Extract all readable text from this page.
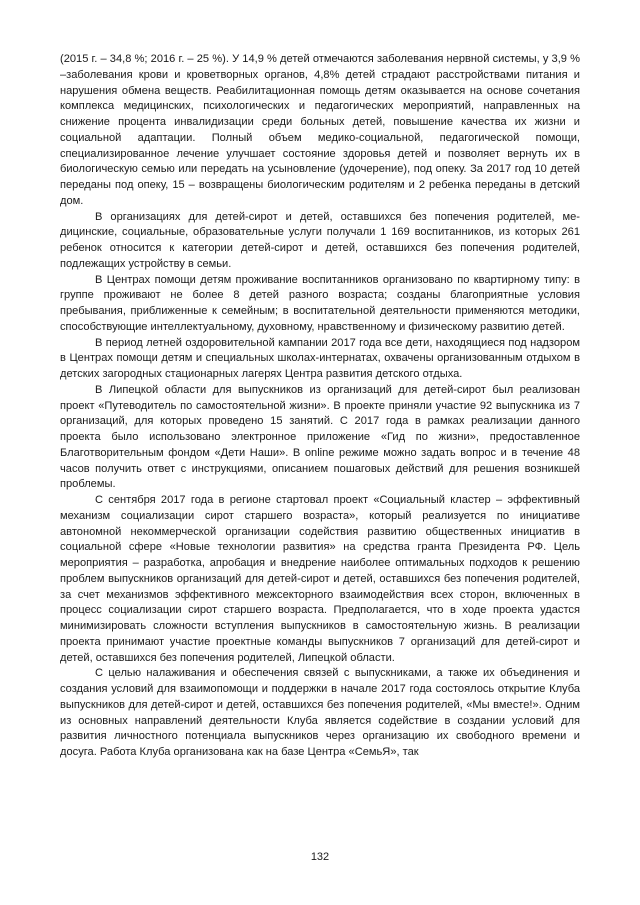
(2015 г. – 34,8 %; 2016 г. – 25 %). У 14,9 % детей отмечаются заболевания нервной системы, у 3,9 % –заболевания крови и кроветворных органов, 4,8% детей страдают расстройствами питания и нарушения обмена веществ. Реабилитационная помощь детям оказывается на основе сочетания комплекса медицинских, психологических и педагогических мероприятий, направленных на снижение процента инвалидизации среди больных детей, повышение качества их жизни и социальной адаптации. Полный объем медико-социальной, педагогической помощи, специализированное лечение улучшает состояние здоровья детей и позволяет вернуть их в биологическую семью или передать на усыновление (удочерение), под опеку. За 2017 год 10 детей переданы под опеку, 15 – возвращены биологическим родителям и 2 ребенка переданы в детский дом.

В организациях для детей-сирот и детей, оставшихся без попечения родителей, медицинские, социальные, образовательные услуги получали 1 169 воспитанников, из которых 261 ребенок относится к категории детей-сирот и детей, оставшихся без попечения родителей, подлежащих устройству в семьи.

В Центрах помощи детям проживание воспитанников организовано по квартирному типу: в группе проживают не более 8 детей разного возраста; созданы благоприятные условия пребывания, приближенные к семейным; в воспитательной деятельности применяются методики, способствующие интеллектуальному, духовному, нравственному и физическому развитию детей.

В период летней оздоровительной кампании 2017 года все дети, находящиеся под надзором в Центрах помощи детям и специальных школах-интернатах, охвачены организованным отдыхом в детских загородных стационарных лагерях Центра развития детского отдыха.

В Липецкой области для выпускников из организаций для детей-сирот был реализован проект «Путеводитель по самостоятельной жизни». В проекте приняли участие 92 выпускника из 7 организаций, для которых проведено 15 занятий. С 2017 года в рамках реализации данного проекта было использовано электронное приложение «Гид по жизни», предоставленное Благотворительным фондом «Дети Наши». В online режиме можно задать вопрос и в течение 48 часов получить ответ с инструкциями, описанием пошаговых действий для решения возникшей проблемы.

С сентября 2017 года в регионе стартовал проект «Социальный кластер – эффективный механизм социализации сирот старшего возраста», который реализуется по инициативе автономной некоммерческой организации содействия развитию общественных инициатив в социальной сфере «Новые технологии развития» на средства гранта Президента РФ. Цель мероприятия – разработка, апробация и внедрение наиболее оптимальных подходов к решению проблем выпускников организаций для детей-сирот и детей, оставшихся без попечения родителей, за счет механизмов эффективного межсекторного взаимодействия всех сторон, включенных в процесс социализации сирот старшего возраста. Предполагается, что в ходе проекта удастся минимизировать сложности вступления выпускников в самостоятельную жизнь. В реализации проекта принимают участие проектные команды выпускников 7 организаций для детей-сирот и детей, оставшихся без попечения родителей, Липецкой области.

С целью налаживания и обеспечения связей с выпускниками, а также их объединения и создания условий для взаимопомощи и поддержки в начале 2017 года состоялось открытие Клуба выпускников для детей-сирот и детей, оставшихся без попечения родителей, «Мы вместе!». Одним из основных направлений деятельности Клуба является содействие в создании условий для развития личностного потенциала выпускников через организацию их свободного времени и досуга. Работа Клуба организована как на базе Центра «СемьЯ», так

132
